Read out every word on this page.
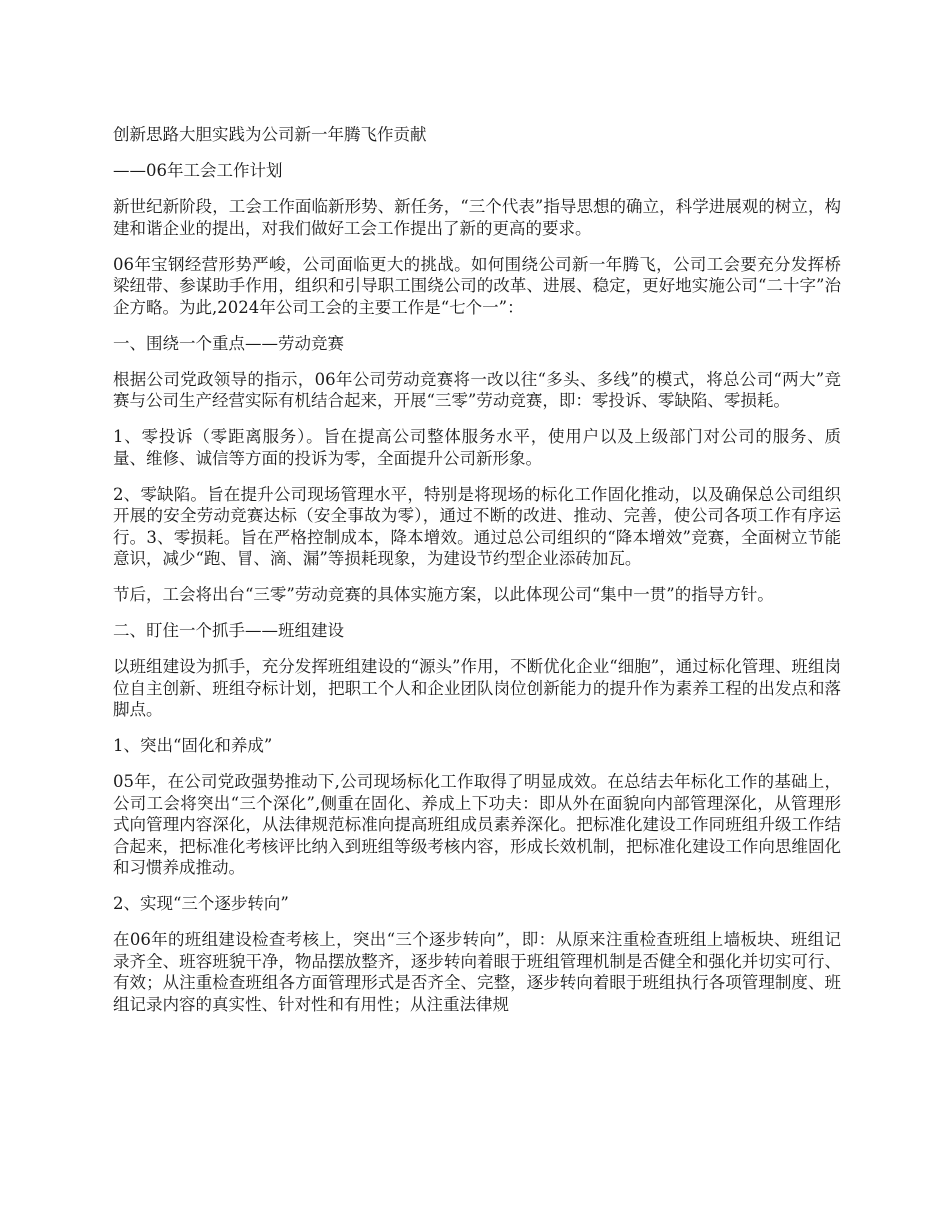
创新思路大胆实践为公司新一年腾飞作贡献

——06年工会工作计划

新世纪新阶段，工会工作面临新形势、新任务，“三个代表”指导思想的确立，科学进展观的树立，构建和谐企业的提出，对我们做好工会工作提出了新的更高的要求。

06年宝钢经营形势严峻，公司面临更大的挑战。如何围绕公司新一年腾飞，公司工会要充分发挥桥梁纽带、参谋助手作用，组织和引导职工围绕公司的改革、进展、稳定，更好地实施公司“二十字”治企方略。为此,2024年公司工会的主要工作是“七个一”：

一、围绕一个重点——劳动竞赛

根据公司党政领导的指示，06年公司劳动竞赛将一改以往“多头、多线”的模式，将总公司“两大”竞赛与公司生产经营实际有机结合起来，开展“三零”劳动竞赛，即：零投诉、零缺陷、零损耗。

1、零投诉（零距离服务）。旨在提高公司整体服务水平，使用户以及上级部门对公司的服务、质量、维修、诚信等方面的投诉为零，全面提升公司新形象。

2、零缺陷。旨在提升公司现场管理水平，特别是将现场的标化工作固化推动，以及确保总公司组织开展的安全劳动竞赛达标（安全事故为零），通过不断的改进、推动、完善，使公司各项工作有序运行。3、零损耗。旨在严格控制成本，降本增效。通过总公司组织的“降本增效”竞赛，全面树立节能意识，减少“跑、冒、滴、漏”等损耗现象，为建设节约型企业添砖加瓦。

节后，工会将出台“三零”劳动竞赛的具体实施方案，以此体现公司“集中一贯”的指导方针。

二、盯住一个抓手——班组建设

以班组建设为抓手，充分发挥班组建设的“源头”作用，不断优化企业“细胞”，通过标化管理、班组岗位自主创新、班组夺标计划，把职工个人和企业团队岗位创新能力的提升作为素养工程的出发点和落脚点。

1、突出“固化和养成”

05年，在公司党政强势推动下,公司现场标化工作取得了明显成效。在总结去年标化工作的基础上，公司工会将突出“三个深化”,侧重在固化、养成上下功夫：即从外在面貌向内部管理深化，从管理形式向管理内容深化，从法律规范标准向提高班组成员素养深化。把标准化建设工作同班组升级工作结合起来，把标准化考核评比纳入到班组等级考核内容，形成长效机制，把标准化建设工作向思维固化和习惯养成推动。

2、实现“三个逐步转向”

在06年的班组建设检查考核上，突出“三个逐步转向”，即：从原来注重检查班组上墙板块、班组记录齐全、班容班貌干净，物品摆放整齐，逐步转向着眼于班组管理机制是否健全和强化并切实可行、有效；从注重检查班组各方面管理形式是否齐全、完整，逐步转向着眼于班组执行各项管理制度、班组记录内容的真实性、针对性和有用性；从注重法律规
